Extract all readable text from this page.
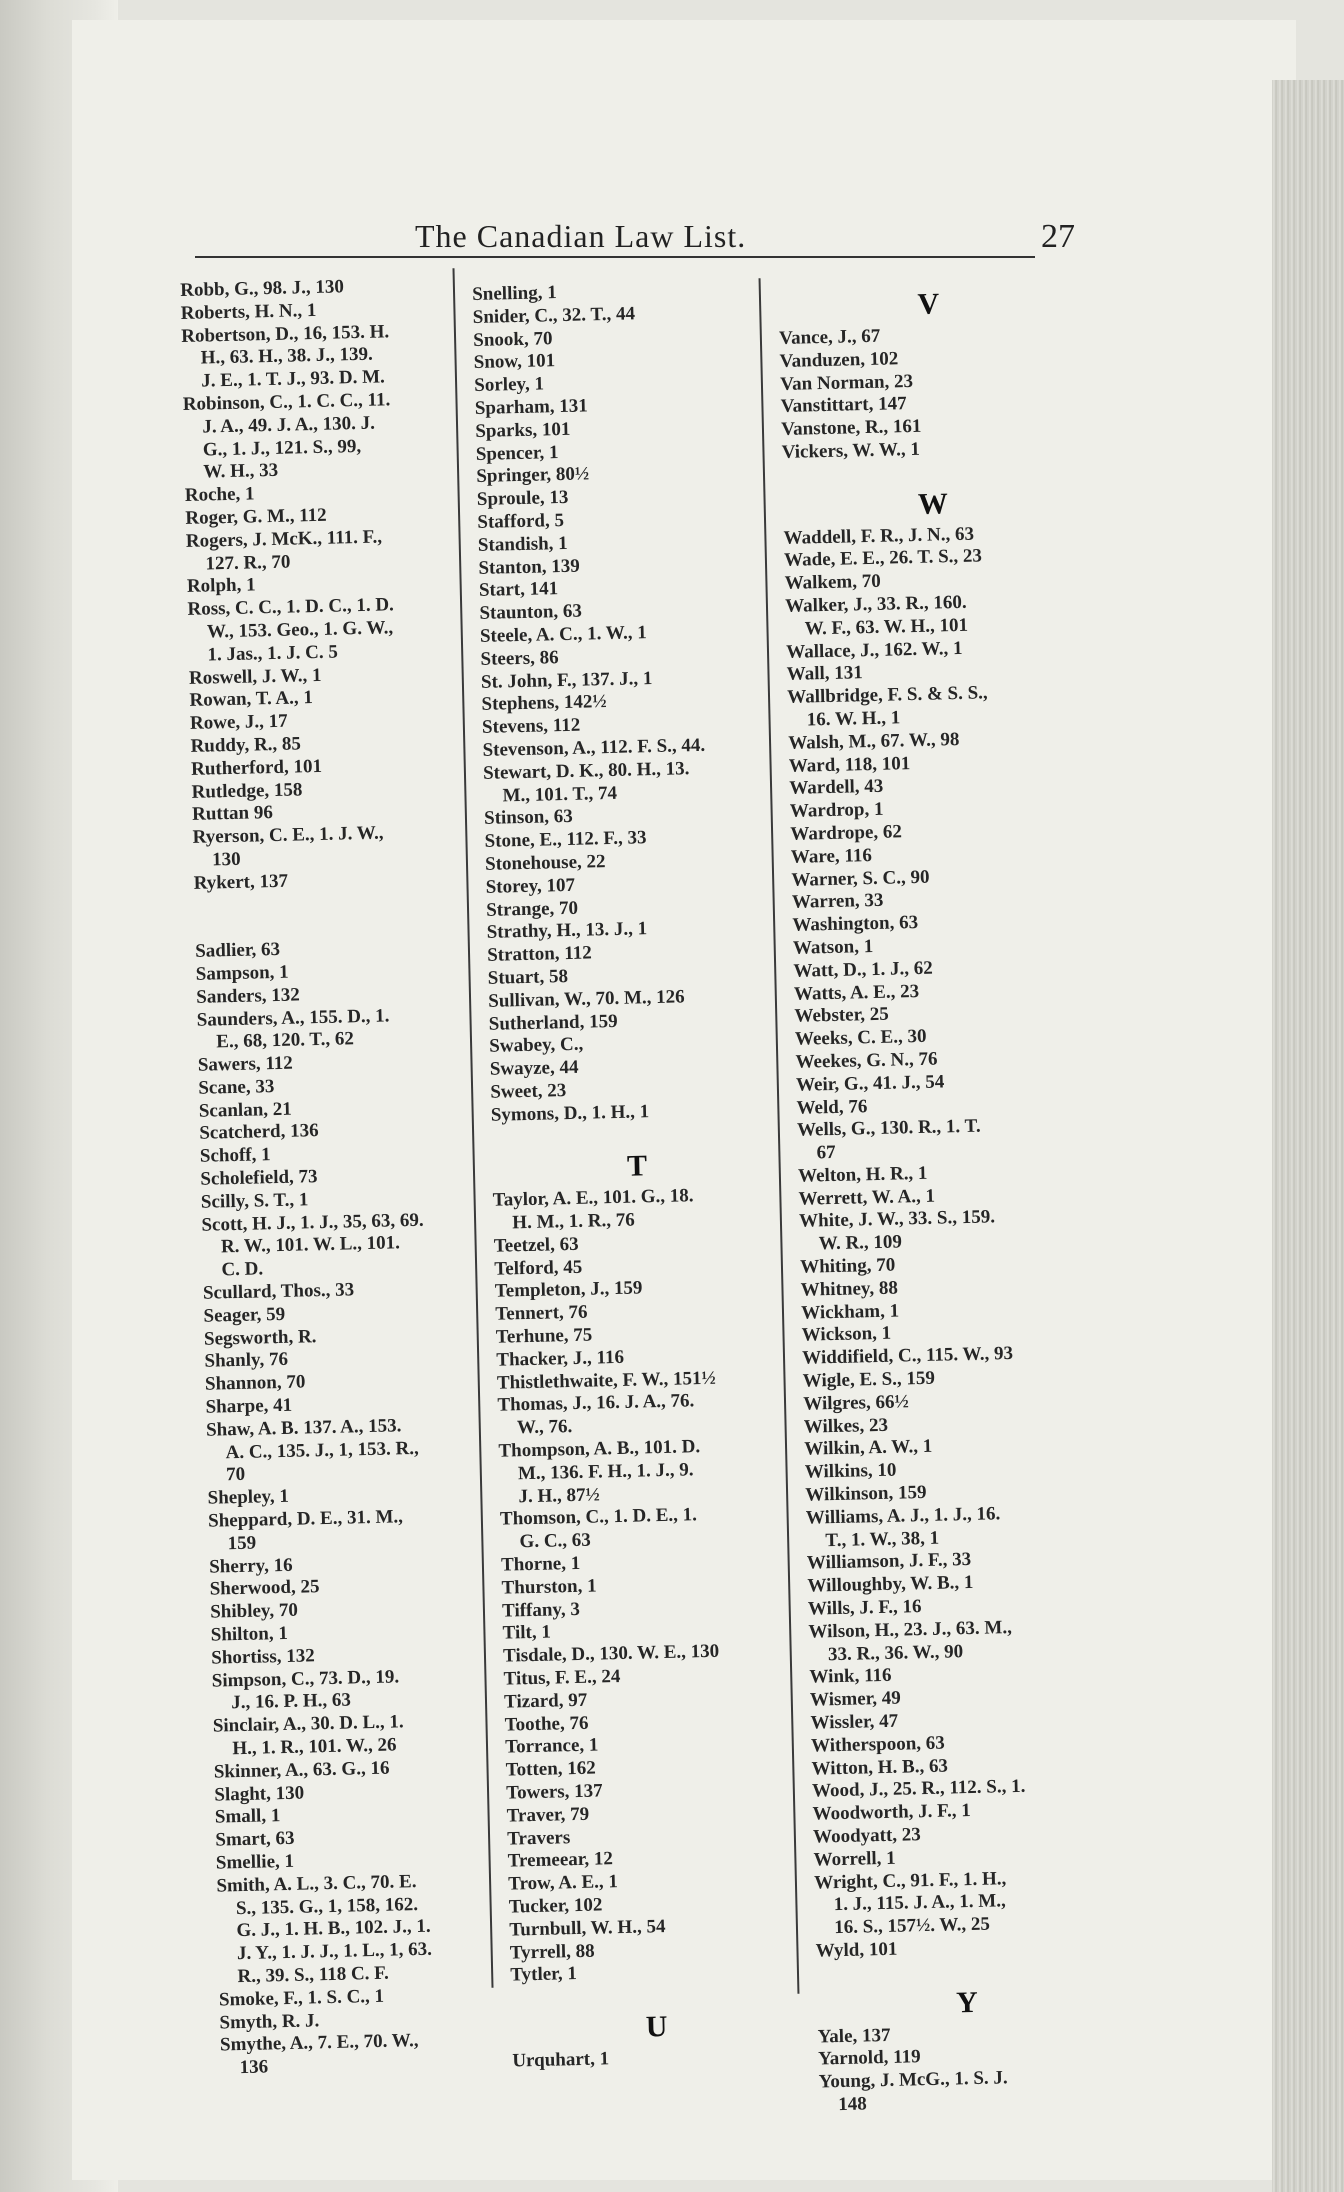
The Canadian Law List.	27
Robb, G., 98. J., 130
Roberts, H. N., 1
Robertson, D., 16, 153. H.
 H., 63. H., 38. J., 139.
 J. E., 1. T. J., 93. D. M.
Robinson, C., 1. C. C., 11.
 J. A., 49. J. A., 130. J.
 G., 1. J., 121. S., 99,
 W. H., 33
Roche, 1
Roger, G. M., 112
Rogers, J. McK., 111. F.,
 127. R., 70
Rolph, 1
Ross, C. C., 1. D. C., 1. D.
 W., 153. Geo., 1. G. W.,
 1. Jas., 1. J. C. 5
Roswell, J. W., 1
Rowan, T. A., 1
Rowe, J., 17
Ruddy, R., 85
Rutherford, 101
Rutledge, 158
Ruttan 96
Ryerson, C. E., 1. J. W.,
 130
Rykert, 137
Sadlier, 63
Sampson, 1
Sanders, 132
Saunders, A., 155. D., 1.
 E., 68, 120. T., 62
Sawers, 112
Scane, 33
Scanlan, 21
Scatcherd, 136
Schoff, 1
Scholefield, 73
Scilly, S. T., 1
Scott, H. J., 1. J., 35, 63, 69.
 R. W., 101. W. L., 101.
 C. D.
Scullard, Thos., 33
Seager, 59
Segsworth, R.
Shanly, 76
Shannon, 70
Sharpe, 41
Shaw, A. B. 137. A., 153.
 A. C., 135. J., 1, 153. R.,
 70
Shepley, 1
Sheppard, D. E., 31. M.,
 159
Sherry, 16
Sherwood, 25
Shibley, 70
Shilton, 1
Shortiss, 132
Simpson, C., 73. D., 19.
 J., 16. P. H., 63
Sinclair, A., 30. D. L., 1.
 H., 1. R., 101. W., 26
Skinner, A., 63. G., 16
Slaght, 130
Small, 1
Smart, 63
Smellie, 1
Smith, A. L., 3. C., 70. E.
 S., 135. G., 1, 158, 162.
 G. J., 1. H. B., 102. J., 1.
 J. Y., 1. J. J., 1. L., 1, 63.
 R., 39. S., 118 C. F.
Smoke, F., 1. S. C., 1
Smyth, R. J.
Smythe, A., 7. E., 70. W.,
 136
Snelling, 1
Snider, C., 32. T., 44
Snook, 70
Snow, 101
Sorley, 1
Sparham, 131
Sparks, 101
Spencer, 1
Springer, 80½
Sproule, 13
Stafford, 5
Standish, 1
Stanton, 139
Start, 141
Staunton, 63
Steele, A. C., 1. W., 1
Steers, 86
St. John, F., 137. J., 1
Stephens, 142½
Stevens, 112
Stevenson, A., 112. F. S., 44.
Stewart, D. K., 80. H., 13.
 M., 101. T., 74
Stinson, 63
Stone, E., 112. F., 33
Stonehouse, 22
Storey, 107
Strange, 70
Strathy, H., 13. J., 1
Stratton, 112
Stuart, 58
Sullivan, W., 70. M., 126
Sutherland, 159
Swabey, C.,
Swayze, 44
Sweet, 23
Symons, D., 1. H., 1
T
Taylor, A. E., 101. G., 18.
 H. M., 1. R., 76
Teetzel, 63
Telford, 45
Templeton, J., 159
Tennert, 76
Terhune, 75
Thacker, J., 116
Thistlethwaite, F. W., 151½
Thomas, J., 16. J. A., 76.
 W., 76.
Thompson, A. B., 101. D.
 M., 136. F. H., 1. J., 9.
 J. H., 87½
Thomson, C., 1. D. E., 1.
 G. C., 63
Thorne, 1
Thurston, 1
Tiffany, 3
Tilt, 1
Tisdale, D., 130. W. E., 130
Titus, F. E., 24
Tizard, 97
Toothe, 76
Torrance, 1
Totten, 162
Towers, 137
Traver, 79
Travers
Tremeear, 12
Trow, A. E., 1
Tucker, 102
Turnbull, W. H., 54
Tyrrell, 88
Tytler, 1
U
Urquhart, 1
V
Vance, J., 67
Vanduzen, 102
Van Norman, 23
Vanstittart, 147
Vanstone, R., 161
Vickers, W. W., 1
W
Waddell, F. R., J. N., 63
Wade, E. E., 26. T. S., 23
Walkem, 70
Walker, J., 33. R., 160.
 W. F., 63. W. H., 101
Wallace, J., 162. W., 1
Wall, 131
Wallbridge, F. S. & S. S.,
 16. W. H., 1
Walsh, M., 67. W., 98
Ward, 118, 101
Wardell, 43
Wardrop, 1
Wardrope, 62
Ware, 116
Warner, S. C., 90
Warren, 33
Washington, 63
Watson, 1
Watt, D., 1. J., 62
Watts, A. E., 23
Webster, 25
Weeks, C. E., 30
Weekes, G. N., 76
Weir, G., 41. J., 54
Weld, 76
Wells, G., 130. R., 1. T.
 67
Welton, H. R., 1
Werrett, W. A., 1
White, J. W., 33. S., 159.
 W. R., 109
Whiting, 70
Whitney, 88
Wickham, 1
Wickson, 1
Widdifield, C., 115. W., 93
Wigle, E. S., 159
Wilgres, 66½
Wilkes, 23
Wilkin, A. W., 1
Wilkins, 10
Wilkinson, 159
Williams, A. J., 1. J., 16.
 T., 1. W., 38, 1
Williamson, J. F., 33
Willoughby, W. B., 1
Wills, J. F., 16
Wilson, H., 23. J., 63. M.,
 33. R., 36. W., 90
Wink, 116
Wismer, 49
Wissler, 47
Witherspoon, 63
Witton, H. B., 63
Wood, J., 25. R., 112. S., 1.
Woodworth, J. F., 1
Woodyatt, 23
Worrell, 1
Wright, C., 91. F., 1. H.,
 1. J., 115. J. A., 1. M.,
 16. S., 157½. W., 25
Wyld, 101
Y
Yale, 137
Yarnold, 119
Young, J. McG., 1. S. J.
 148
